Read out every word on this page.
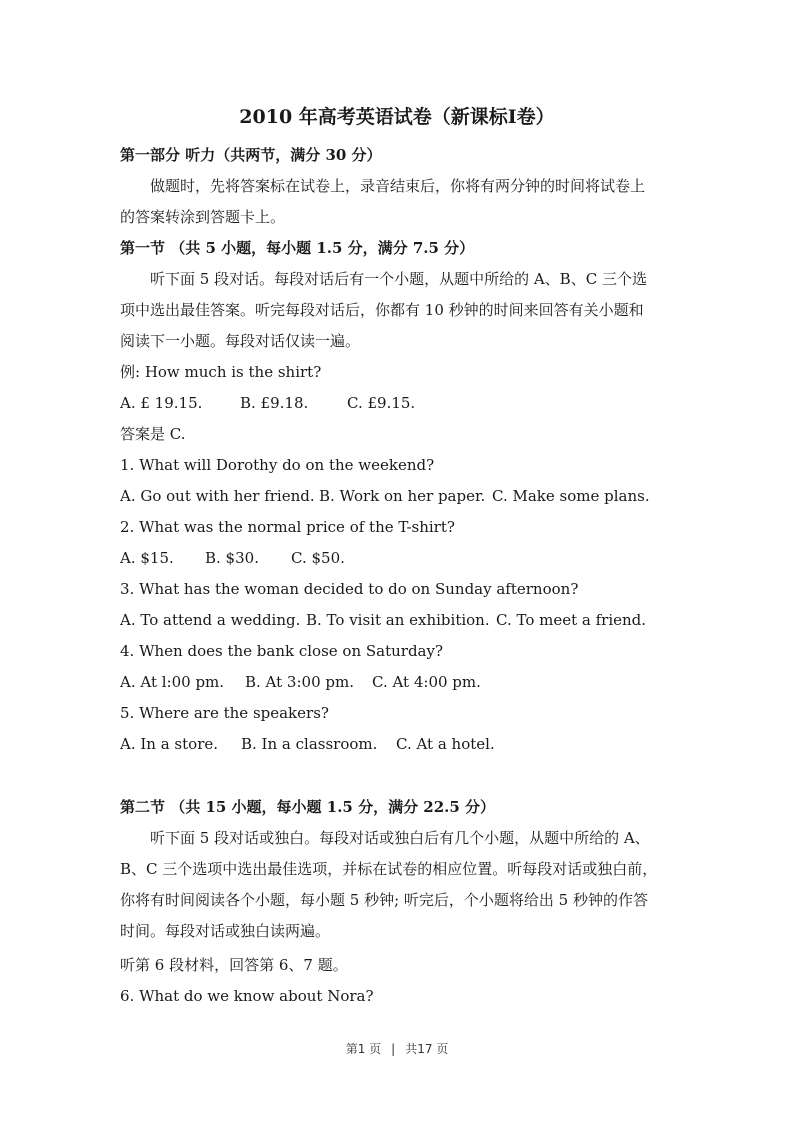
2010 年高考英语试卷（新课标I卷）
第一部分 听力（共两节，满分 30 分）
做题时，先将答案标在试卷上，录音结束后，你将有两分钟的时间将试卷上
的答案转涂到答题卡上。
第一节 （共 5 小题，每小题 1.5 分，满分 7.5 分）
听下面 5 段对话。每段对话后有一个小题，从题中所给的 A、B、C 三个选
项中选出最佳答案。听完每段对话后，你都有 10 秒钟的时间来回答有关小题和
阅读下一小题。每段对话仅读一遍。
例: How much is the shirt?
A. £ 19.15.	B. £9.18.	C. £9.15.
答案是 C.
1. What will Dorothy do on the weekend?
A. Go out with her friend. B. Work on her paper. C. Make some plans.
2. What was the normal price of the T-shirt?
A. $15. B. $30. C. $50.
3. What has the woman decided to do on Sunday afternoon?
A. To attend a wedding. B. To visit an exhibition. C. To meet a friend.
4. When does the bank close on Saturday?
A. At l:00 pm. B. At 3:00 pm. C. At 4:00 pm.
5. Where are the speakers?
A. In a store. B. In a classroom. C. At a hotel.
第二节 （共 15 小题，每小题 1.5 分，满分 22.5 分）
听下面 5 段对话或独白。每段对话或独白后有几个小题，从题中所给的 A、
B、C 三个选项中选出最佳选项，并标在试卷的相应位置。听每段对话或独白前，
你将有时间阅读各个小题，每小题 5 秒钟; 听完后，个小题将给出 5 秒钟的作答
时间。每段对话或独白读两遍。
听第 6 段材料，回答第 6、7 题。
6. What do we know about Nora?
第1 页 | 共17 页
